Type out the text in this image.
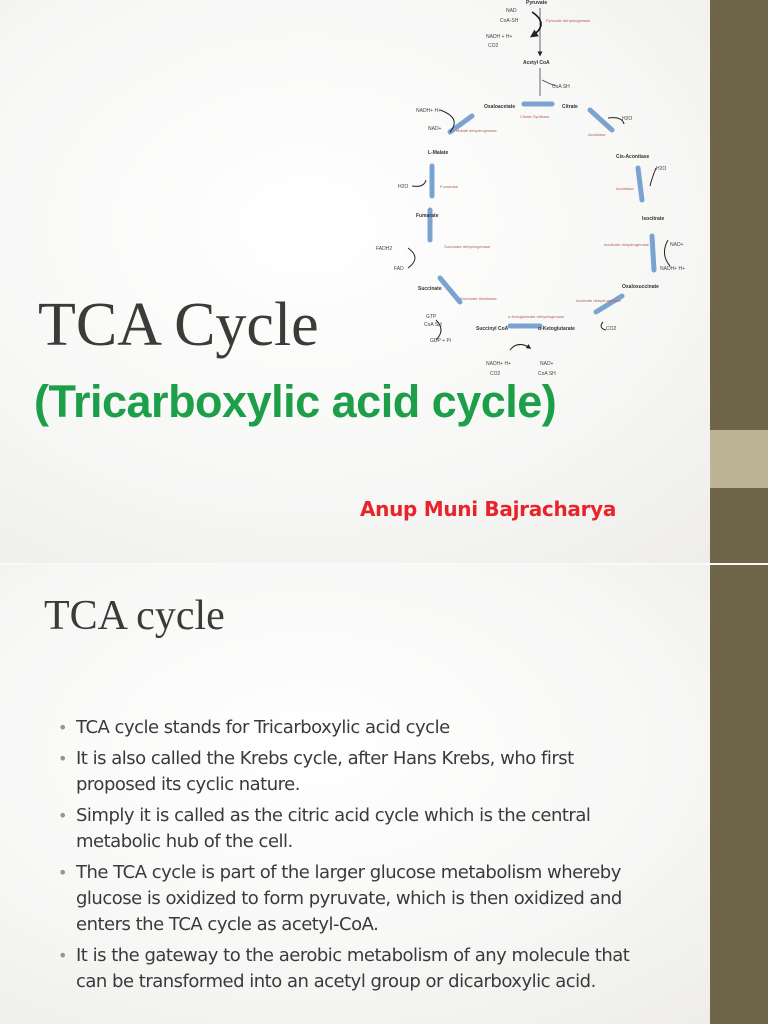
Pyruvate
Acetyl CoA
Oxaloacetate	Citrate
Cis-Aconitase
L-Malate
Fumarate	Isocitrate
Succinate	Oxalosuccinate
Succinyl CoA	α-Ketoglutarate
Pyruvate dehydrogenase
Citrate Synthase
Malate dehydrogenase
Aconitase
Aconitase
Fumarase
Succinate dehydrogenase	Isocitrate dehydrogenase
Isocitrate dehydrogenase
Succinate thiokinase
α-Ketoglutarate dehydrogenase
NAD
CoA-SH
NADH + H+
CO2
CoA SH
NADH+ H+
NAD+
H2O
H2O
H2O
FADH2
FAD
NAD+
NADH+ H+
GTP
CoA SH
GDP + Pi
CO2
NADH+ H+
CO2
NAD+
CoA SH
TCA Cycle
(Tricarboxylic acid cycle)
Anup Muni Bajracharya
TCA cycle
• TCA cycle stands for Tricarboxylic acid cycle
• It is also called the Krebs cycle, after Hans Krebs, who first proposed its cyclic nature.
• Simply it is called as the citric acid cycle which is the central metabolic hub of the cell.
• The TCA cycle is part of the larger glucose metabolism whereby glucose is oxidized to form pyruvate, which is then oxidized and enters the TCA cycle as acetyl-CoA.
• It is the gateway to the aerobic metabolism of any molecule that can be transformed into an acetyl group or dicarboxylic acid.
